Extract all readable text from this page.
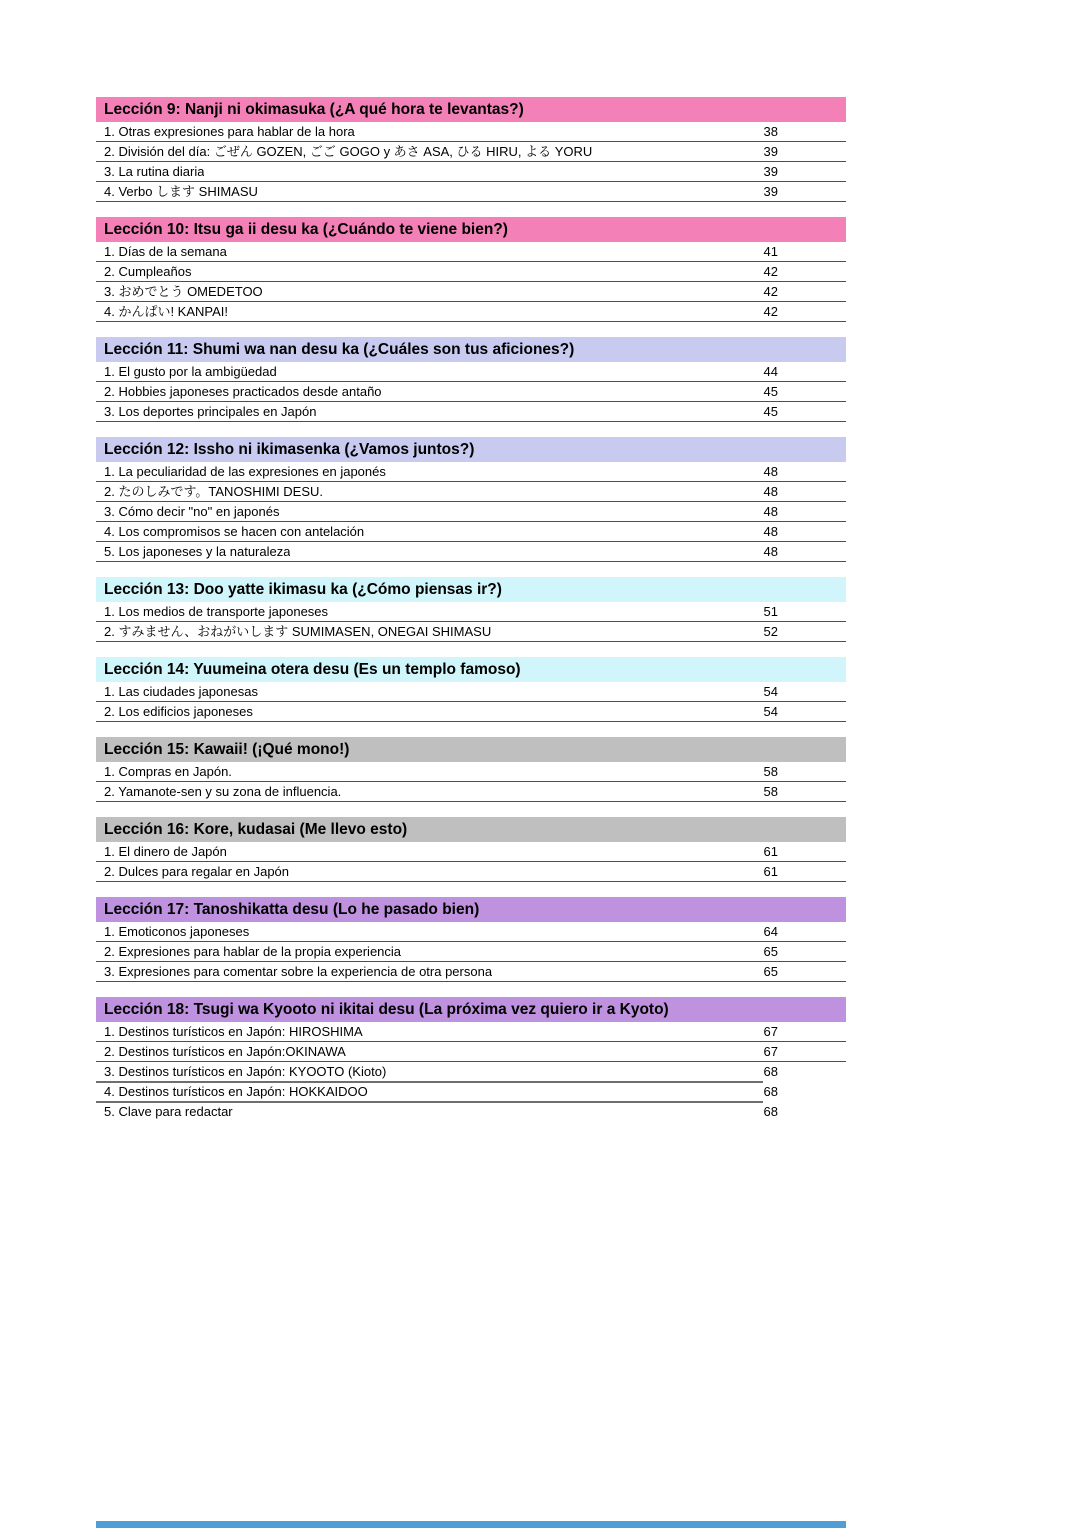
Lección 9: Nanji ni okimasuka (¿A qué hora te levantas?)
1. Otras expresiones para hablar de la hora	38
2. División del día: ごぜん GOZEN, ごご GOGO y あさ ASA, ひる HIRU, よる YORU	39
3. La rutina diaria	39
4. Verbo します SHIMASU	39
Lección 10: Itsu ga ii desu ka (¿Cuándo te viene bien?)
1. Días de la semana	41
2. Cumpleaños	42
3. おめでとう OMEDETOO	42
4. かんぱい! KANPAI!	42
Lección 11: Shumi wa nan desu ka (¿Cuáles son tus aficiones?)
1. El gusto por la ambigüedad	44
2. Hobbies japoneses practicados desde antaño	45
3. Los deportes principales en Japón	45
Lección 12: Issho ni ikimasenka (¿Vamos juntos?)
1. La peculiaridad de las expresiones en japonés	48
2. たのしみです。TANOSHIMI DESU.	48
3. Cómo decir "no" en japonés	48
4. Los compromisos se hacen con antelación	48
5. Los japoneses y la naturaleza	48
Lección 13: Doo yatte ikimasu ka (¿Cómo piensas ir?)
1. Los medios de transporte japoneses	51
2. すみません、おねがいします SUMIMASEN, ONEGAI SHIMASU	52
Lección 14: Yuumeina otera desu (Es un templo famoso)
1. Las ciudades japonesas	54
2. Los edificios japoneses	54
Lección 15: Kawaii! (¡Qué mono!)
1. Compras en Japón.	58
2. Yamanote-sen y su zona de influencia.	58
Lección 16: Kore, kudasai (Me llevo esto)
1. El dinero de Japón	61
2. Dulces para regalar en Japón	61
Lección 17: Tanoshikatta desu (Lo he pasado bien)
1. Emoticonos japoneses	64
2. Expresiones para hablar de la propia experiencia	65
3. Expresiones para comentar sobre la experiencia de otra persona	65
Lección 18: Tsugi wa Kyooto ni ikitai desu (La próxima vez quiero ir a Kyoto)
1. Destinos turísticos en Japón: HIROSHIMA	67
2. Destinos turísticos en Japón:OKINAWA	67
3. Destinos turísticos en Japón: KYOOTO (Kioto)	68
4. Destinos turísticos en Japón: HOKKAIDOO	68
5. Clave para redactar	68
